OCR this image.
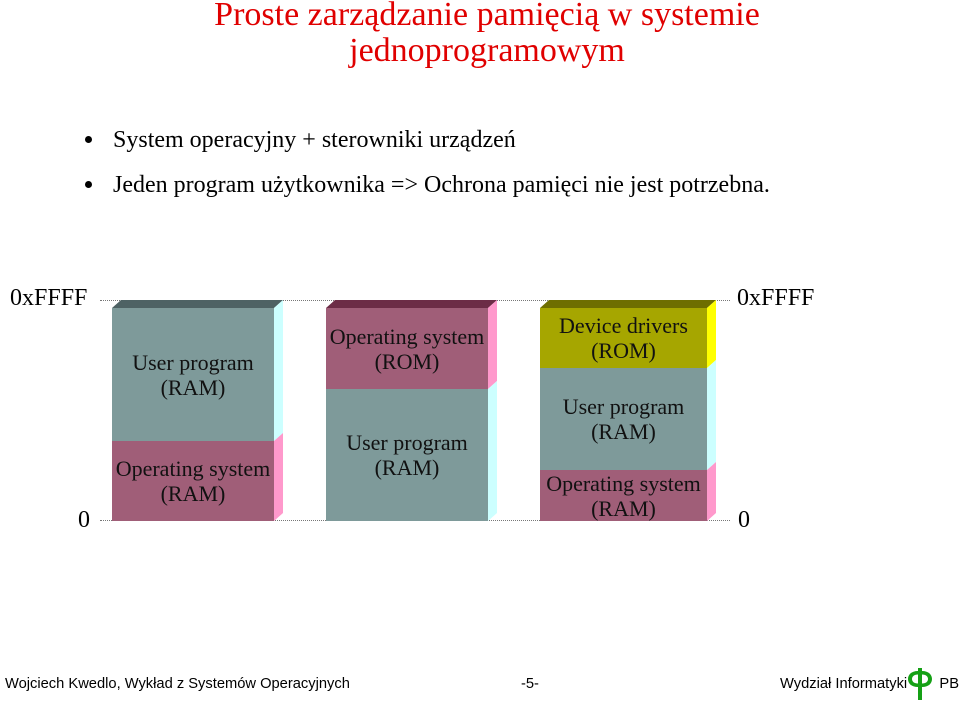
Proste zarządzanie pamięcią w systemie
jednoprogramowym
System operacyjny + sterowniki urządzeń
Jeden program użytkownika => Ochrona pamięci nie jest potrzebna.
0xFFFF
0
0xFFFF
0
User program
(RAM)
Operating system
(RAM)
Operating system
(ROM)
User program
(RAM)
Device drivers
(ROM)
User program
(RAM)
Operating system
(RAM)
Wojciech Kwedlo, Wykład z Systemów Operacyjnych	-5-	Wydział Informatyki PB
